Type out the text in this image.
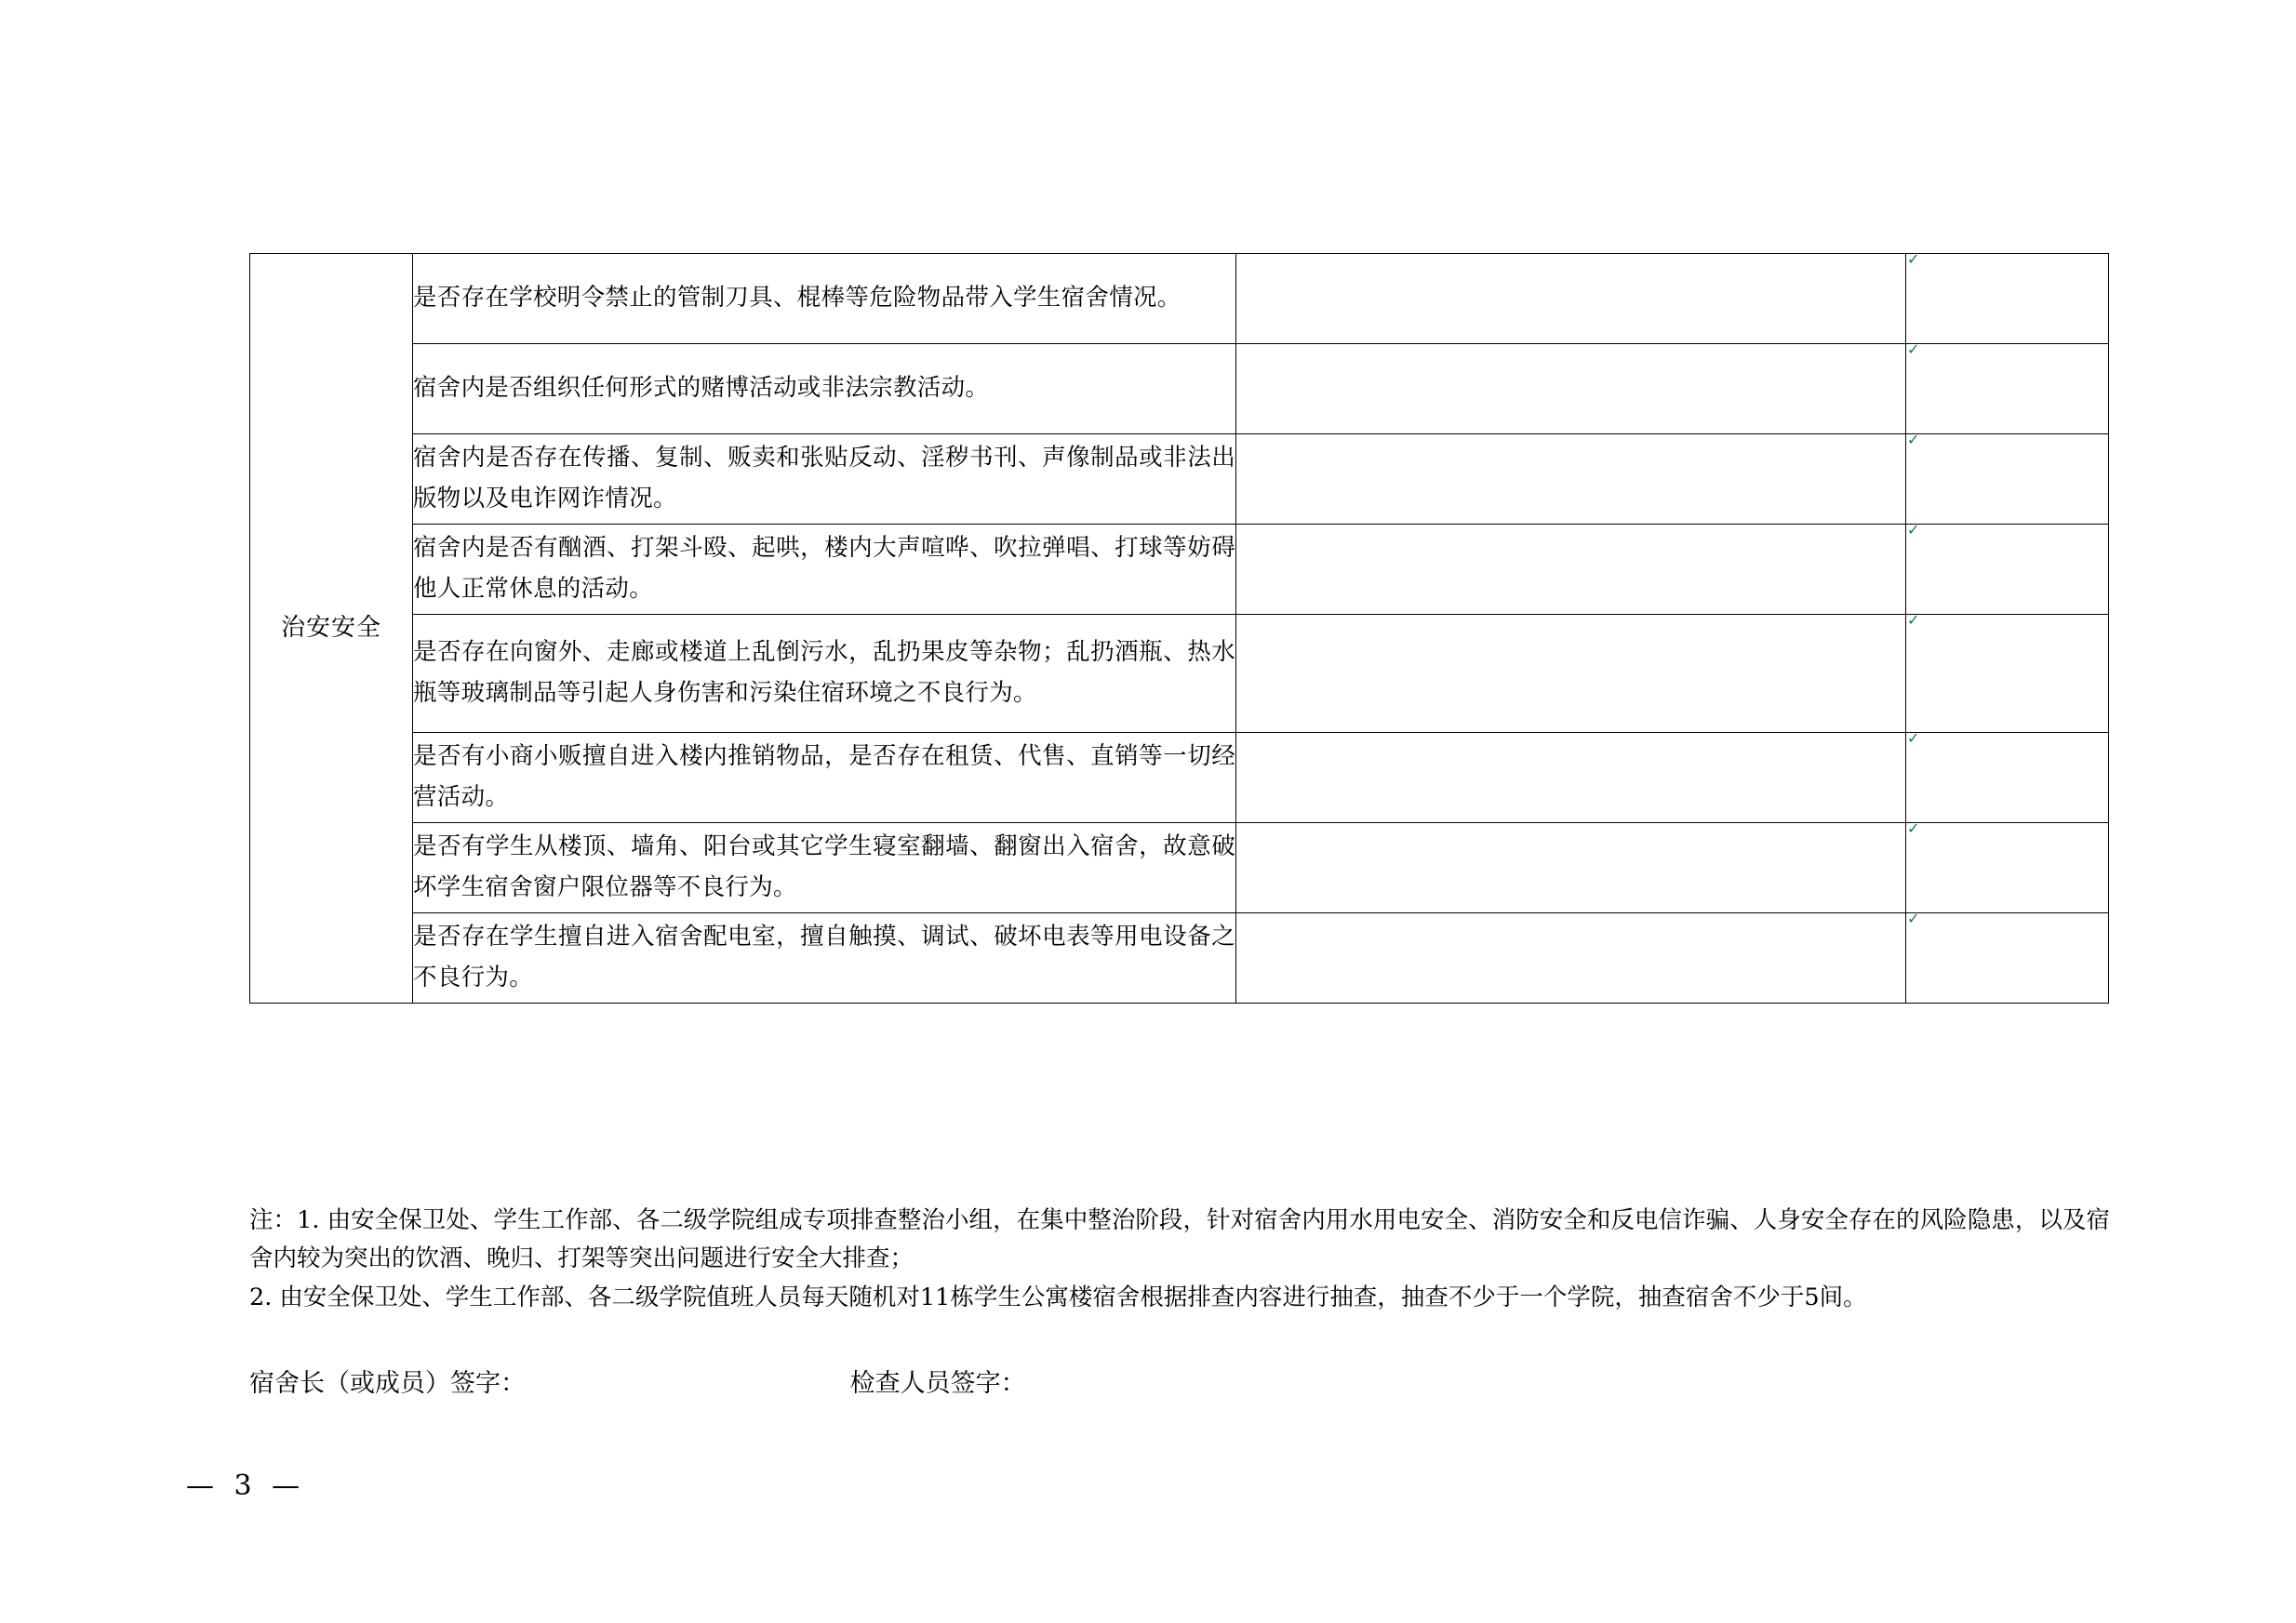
治安安全	是否存在学校明令禁止的管制刀具、棍棒等危险物品带入学生宿舍情况。		✓

	宿舍内是否组织任何形式的赌博活动或非法宗教活动。		✓

	宿舍内是否存在传播、复制、贩卖和张贴反动、淫秽书刊、声像制品或非法出版物以及电诈网诈情况。		✓

	宿舍内是否有酗酒、打架斗殴、起哄，楼内大声喧哗、吹拉弹唱、打球等妨碍他人正常休息的活动。		✓

	是否存在向窗外、走廊或楼道上乱倒污水，乱扔果皮等杂物；乱扔酒瓶、热水瓶等玻璃制品等引起人身伤害和污染住宿环境之不良行为。		✓

	是否有小商小贩擅自进入楼内推销物品，是否存在租赁、代售、直销等一切经营活动。		✓

	是否有学生从楼顶、墙角、阳台或其它学生寝室翻墙、翻窗出入宿舍，故意破坏学生宿舍窗户限位器等不良行为。		✓

	是否存在学生擅自进入宿舍配电室，擅自触摸、调试、破坏电表等用电设备之不良行为。		✓

注：1. 由安全保卫处、学生工作部、各二级学院组成专项排查整治小组，在集中整治阶段，针对宿舍内用水用电安全、消防安全和反电信诈骗、人身安全存在的风险隐患，以及宿舍内较为突出的饮酒、晚归、打架等突出问题进行安全大排查；

2. 由安全保卫处、学生工作部、各二级学院值班人员每天随机对11栋学生公寓楼宿舍根据排查内容进行抽查，抽查不少于一个学院，抽查宿舍不少于5间。

宿舍长（或成员）签字：	检查人员签字：
— 3 —
